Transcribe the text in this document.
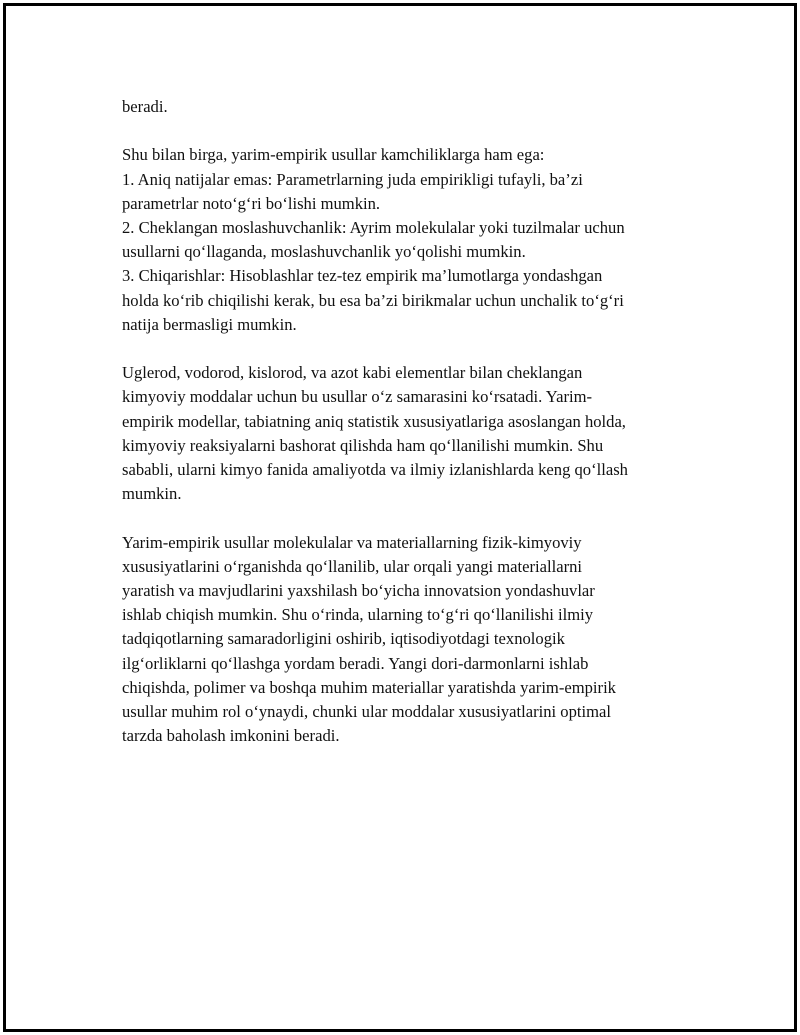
beradi.

Shu bilan birga, yarim-empirik usullar kamchiliklarga ham ega:
1. Aniq natijalar emas: Parametrlarning juda empirikligi tufayli, ba’zi
parametrlar noto‘g‘ri bo‘lishi mumkin.
2. Cheklangan moslashuvchanlik: Ayrim molekulalar yoki tuzilmalar uchun
usullarni qo‘llaganda, moslashuvchanlik yo‘qolishi mumkin.
3. Chiqarishlar: Hisoblashlar tez-tez empirik ma’lumotlarga yondashgan
holda ko‘rib chiqilishi kerak, bu esa ba’zi birikmalar uchun unchalik to‘g‘ri
natija bermasligi mumkin.

Uglerod, vodorod, kislorod, va azot kabi elementlar bilan cheklangan
kimyoviy moddalar uchun bu usullar o‘z samarasini ko‘rsatadi. Yarim-
empirik modellar, tabiatning aniq statistik xususiyatlariga asoslangan holda,
kimyoviy reaksiyalarni bashorat qilishda ham qo‘llanilishi mumkin. Shu
sababli, ularni kimyo fanida amaliyotda va ilmiy izlanishlarda keng qo‘llash
mumkin.

Yarim-empirik usullar molekulalar va materiallarning fizik-kimyoviy
xususiyatlarini o‘rganishda qo‘llanilib, ular orqali yangi materiallarni
yaratish va mavjudlarini yaxshilash bo‘yicha innovatsion yondashuvlar
ishlab chiqish mumkin. Shu o‘rinda, ularning to‘g‘ri qo‘llanilishi ilmiy
tadqiqotlarning samaradorligini oshirib, iqtisodiyotdagi texnologik
ilg‘orliklarni qo‘llashga yordam beradi. Yangi dori-darmonlarni ishlab
chiqishda, polimer va boshqa muhim materiallar yaratishda yarim-empirik
usullar muhim rol o‘ynaydi, chunki ular moddalar xususiyatlarini optimal
tarzda baholash imkonini beradi.
